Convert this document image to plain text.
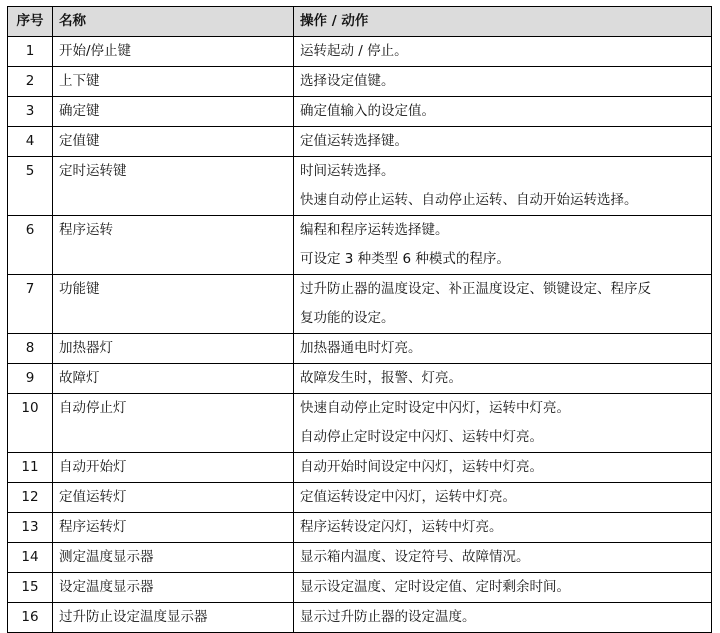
序号	名称	操作 / 动作
1	开始/停止键	运转起动 / 停止。

2	上下键	选择设定值键。

3	确定键	确定值输入的设定值。

4	定值键	定值运转选择键。

5	定时运转键	时间运转选择。
快速自动停止运转、自动停止运转、自动开始运转选择。

6	程序运转	编程和程序运转选择键。
可设定 3 种类型 6 种模式的程序。

7	功能键	过升防止器的温度设定、补正温度设定、锁键设定、程序反
复功能的设定。

8	加热器灯	加热器通电时灯亮。

9	故障灯	故障发生时，报警、灯亮。

10	自动停止灯	快速自动停止定时设定中闪灯，运转中灯亮。
自动停止定时设定中闪灯、运转中灯亮。

11	自动开始灯	自动开始时间设定中闪灯，运转中灯亮。

12	定值运转灯	定值运转设定中闪灯，运转中灯亮。

13	程序运转灯	程序运转设定闪灯，运转中灯亮。

14	测定温度显示器	显示箱内温度、设定符号、故障情况。

15	设定温度显示器	显示设定温度、定时设定值、定时剩余时间。

16	过升防止设定温度显示器	显示过升防止器的设定温度。
